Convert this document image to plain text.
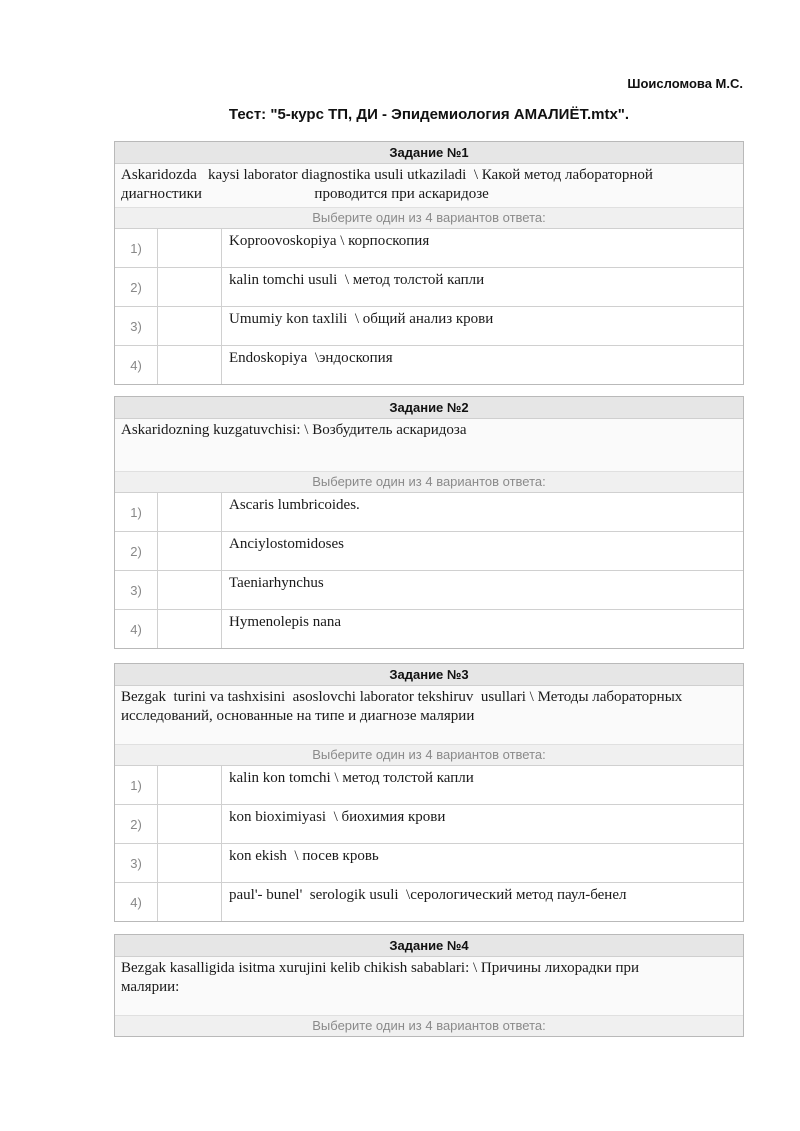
Шоисломова М.С.
Тест: "5-курс ТП, ДИ - Эпидемиология АМАЛИЁТ.mtx".
Задание №1
Askaridozda   kaysi laborator diagnostika usuli utkaziladi  \ Какой метод лабораторной
диагностики                              проводится при аскаридозе
Выберите один из 4 вариантов ответа:
1)	Koproovoskopiya \ корпоскопия
2)	kalin tomchi usuli  \ метод толстой капли
3)	Umumiy kon taxlili  \ общий анализ крови
4)	Endoskopiya  \эндоскопия
Задание №2
Askaridozning kuzgatuvchisi: \ Возбудитель аскаридоза
Выберите один из 4 вариантов ответа:
1)	Ascaris lumbricoides.
2)	Anciylostomidoses
3)	Taeniarhynchus
4)	Hymenolepis nana
Задание №3
Bezgak  turini va tashxisini  asoslovchi laborator tekshiruv  usullari \ Методы лабораторных
исследований, основанные на типе и диагнозе малярии
Выберите один из 4 вариантов ответа:
1)	kalin kon tomchi \ метод толстой капли
2)	kon bioximiyasi  \ биохимия крови
3)	kon ekish  \ посев кровь
4)	paul'- bunel'  serologik usuli  \серологический метод паул-бенел
Задание №4
Bezgak kasalligida isitma xurujini kelib chikish sabablari: \ Причины лихорадки при
малярии:
Выберите один из 4 вариантов ответа:
